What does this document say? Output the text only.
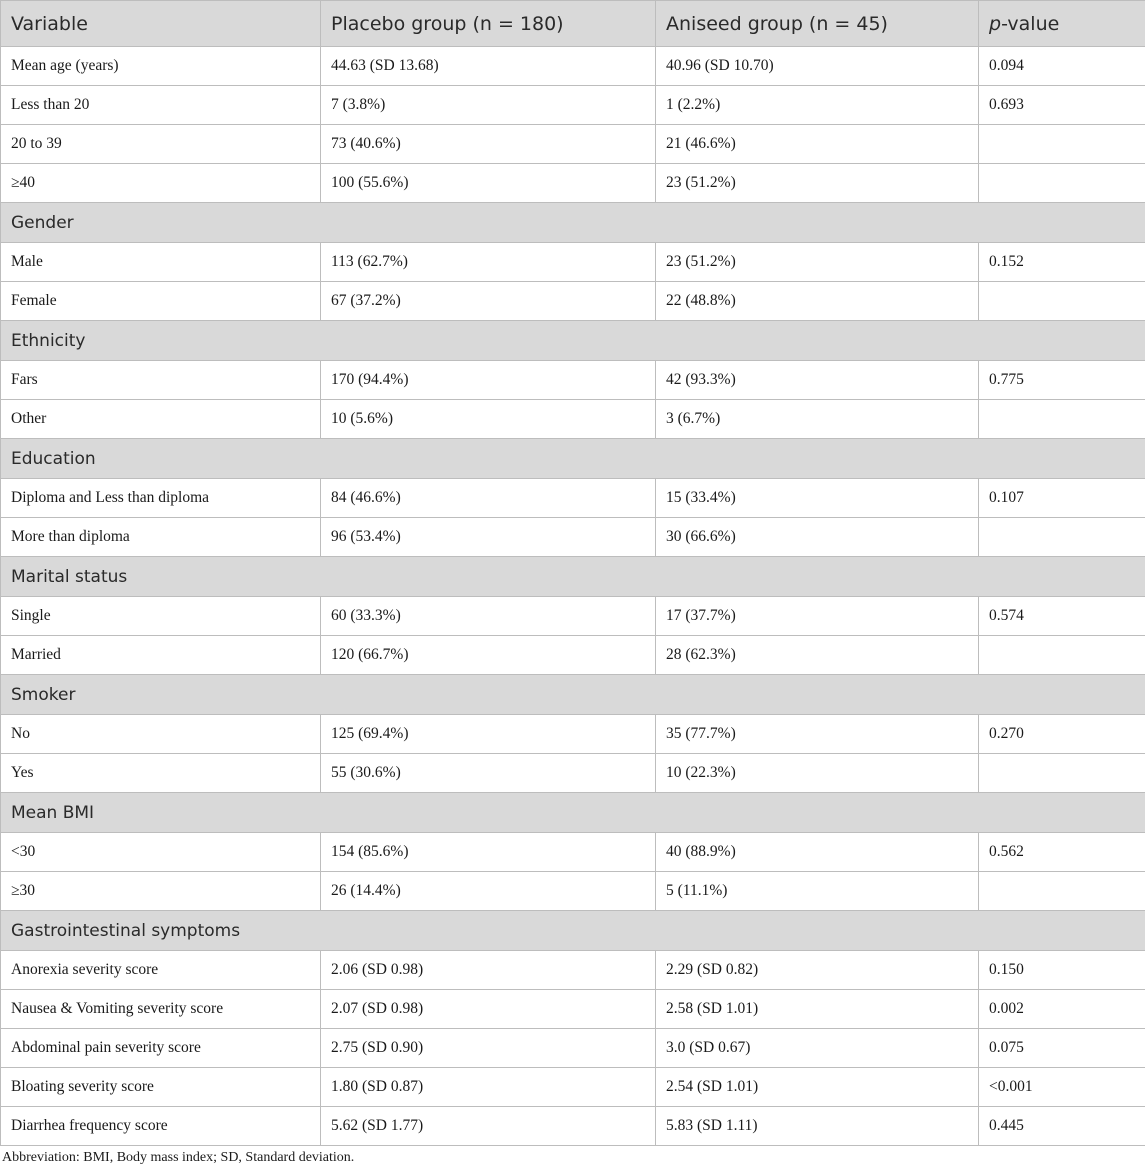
Variable	Placebo group (n = 180)	Aniseed group (n = 45)	p-value
Mean age (years)	44.63 (SD 13.68)	40.96 (SD 10.70)	0.094
Less than 20	7 (3.8%)	1 (2.2%)	0.693
20 to 39	73 (40.6%)	21 (46.6%)	
≥40	100 (55.6%)	23 (51.2%)	
Gender			
Male	113 (62.7%)	23 (51.2%)	0.152
Female	67 (37.2%)	22 (48.8%)	
Ethnicity			
Fars	170 (94.4%)	42 (93.3%)	0.775
Other	10 (5.6%)	3 (6.7%)	
Education			
Diploma and Less than diploma	84 (46.6%)	15 (33.4%)	0.107
More than diploma	96 (53.4%)	30 (66.6%)	
Marital status			
Single	60 (33.3%)	17 (37.7%)	0.574
Married	120 (66.7%)	28 (62.3%)	
Smoker			
No	125 (69.4%)	35 (77.7%)	0.270
Yes	55 (30.6%)	10 (22.3%)	
Mean BMI			
<30	154 (85.6%)	40 (88.9%)	0.562
≥30	26 (14.4%)	5 (11.1%)	
Gastrointestinal symptoms			
Anorexia severity score	2.06 (SD 0.98)	2.29 (SD 0.82)	0.150
Nausea & Vomiting severity score	2.07 (SD 0.98)	2.58 (SD 1.01)	0.002
Abdominal pain severity score	2.75 (SD 0.90)	3.0 (SD 0.67)	0.075
Bloating severity score	1.80 (SD 0.87)	2.54 (SD 1.01)	<0.001
Diarrhea frequency score	5.62 (SD 1.77)	5.83 (SD 1.11)	0.445
Abbreviation: BMI, Body mass index; SD, Standard deviation.
